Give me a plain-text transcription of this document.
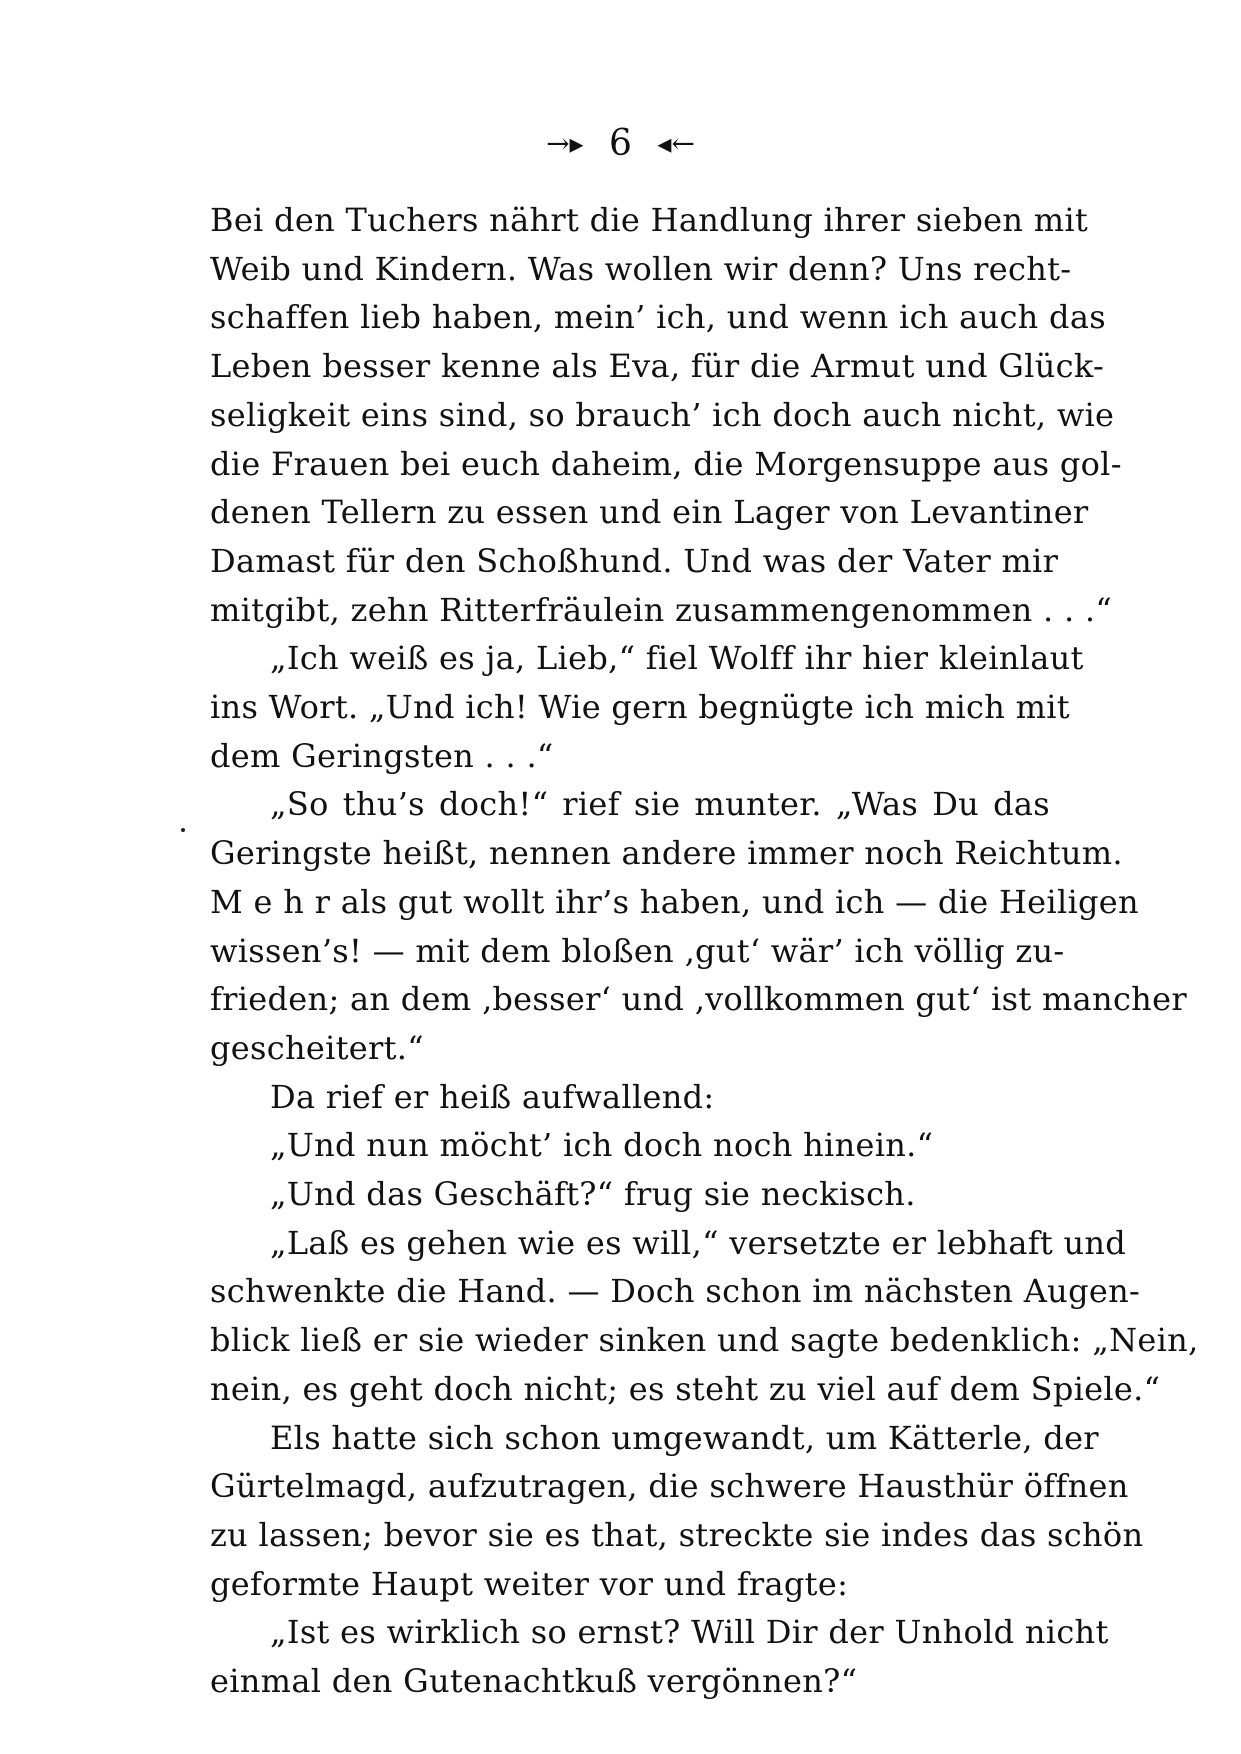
→▸ 6 ◂←
Bei den Tuchers nährt die Handlung ihrer sieben mit
Weib und Kindern. Was wollen wir denn? Uns recht-
schaffen lieb haben, mein’ ich, und wenn ich auch das
Leben besser kenne als Eva, für die Armut und Glück-
seligkeit eins sind, so brauch’ ich doch auch nicht, wie
die Frauen bei euch daheim, die Morgensuppe aus gol-
denen Tellern zu essen und ein Lager von Levantiner
Damast für den Schoßhund. Und was der Vater mir
mitgibt, zehn Ritterfräulein zusammengenommen . . .“
„Ich weiß es ja, Lieb,“ fiel Wolff ihr hier kleinlaut
ins Wort. „Und ich! Wie gern begnügte ich mich mit
dem Geringsten . . .“
„So thu’s doch!“ rief sie munter. „Was Du das
Geringste heißt, nennen andere immer noch Reichtum.
M e h r als gut wollt ihr’s haben, und ich — die Heiligen
wissen’s! — mit dem bloßen ‚gut‘ wär’ ich völlig zu-
frieden; an dem ‚besser‘ und ‚vollkommen gut‘ ist mancher
gescheitert.“
Da rief er heiß aufwallend:
„Und nun möcht’ ich doch noch hinein.“
„Und das Geschäft?“ frug sie neckisch.
„Laß es gehen wie es will,“ versetzte er lebhaft und
schwenkte die Hand. — Doch schon im nächsten Augen-
blick ließ er sie wieder sinken und sagte bedenklich: „Nein,
nein, es geht doch nicht; es steht zu viel auf dem Spiele.“
Els hatte sich schon umgewandt, um Kätterle, der
Gürtelmagd, aufzutragen, die schwere Hausthür öffnen
zu lassen; bevor sie es that, streckte sie indes das schön
geformte Haupt weiter vor und fragte:
„Ist es wirklich so ernst? Will Dir der Unhold nicht
einmal den Gutenachtkuß vergönnen?“
